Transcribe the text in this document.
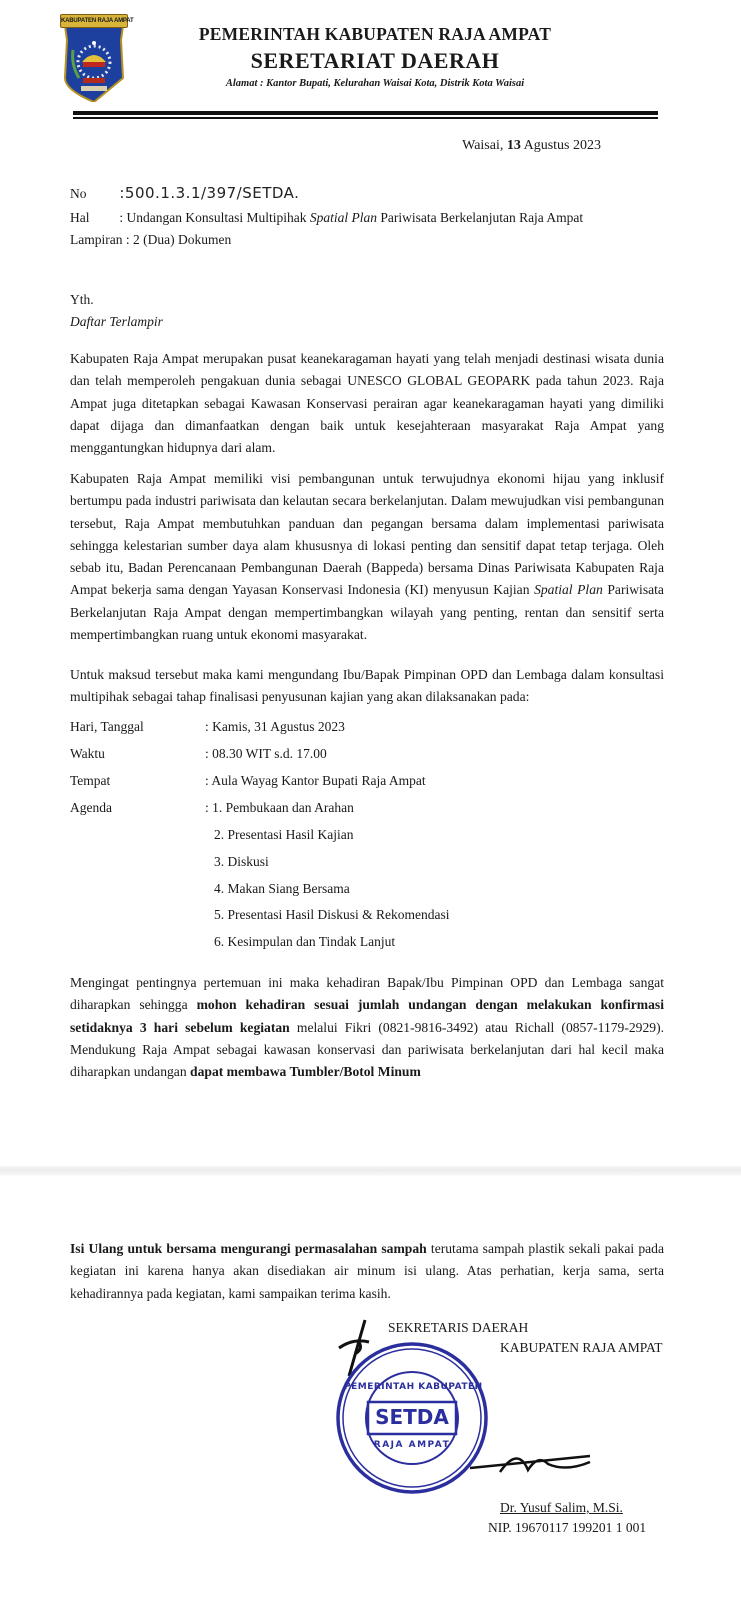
KABUPATEN RAJA AMPAT
PEMERINTAH KABUPATEN RAJA AMPAT
SERETARIAT DAERAH
Alamat : Kantor Bupati, Kelurahan Waisai Kota, Distrik Kota Waisai
Waisai, 13 Agustus 2023
No :500.1.3.1/397/SETDA.
Hal : Undangan Konsultasi Multipihak Spatial Plan Pariwisata Berkelanjutan Raja Ampat
Lampiran : 2 (Dua) Dokumen
Yth.
Daftar Terlampir
Kabupaten Raja Ampat merupakan pusat keanekaragaman hayati yang telah menjadi destinasi wisata dunia dan telah memperoleh pengakuan dunia sebagai UNESCO GLOBAL GEOPARK pada tahun 2023. Raja Ampat juga ditetapkan sebagai Kawasan Konservasi perairan agar keanekaragaman hayati yang dimiliki dapat dijaga dan dimanfaatkan dengan baik untuk kesejahteraan masyarakat Raja Ampat yang menggantungkan hidupnya dari alam.
Kabupaten Raja Ampat memiliki visi pembangunan untuk terwujudnya ekonomi hijau yang inklusif bertumpu pada industri pariwisata dan kelautan secara berkelanjutan. Dalam mewujudkan visi pembangunan tersebut, Raja Ampat membutuhkan panduan dan pegangan bersama dalam implementasi pariwisata sehingga kelestarian sumber daya alam khususnya di lokasi penting dan sensitif dapat tetap terjaga. Oleh sebab itu, Badan Perencanaan Pembangunan Daerah (Bappeda) bersama Dinas Pariwisata Kabupaten Raja Ampat bekerja sama dengan Yayasan Konservasi Indonesia (KI) menyusun Kajian Spatial Plan Pariwisata Berkelanjutan Raja Ampat dengan mempertimbangkan wilayah yang penting, rentan dan sensitif serta mempertimbangkan ruang untuk ekonomi masyarakat.
Untuk maksud tersebut maka kami mengundang Ibu/Bapak Pimpinan OPD dan Lembaga dalam konsultasi multipihak sebagai tahap finalisasi penyusunan kajian yang akan dilaksanakan pada:
Hari, Tanggal	: Kamis, 31 Agustus 2023
Waktu	: 08.30 WIT s.d. 17.00
Tempat	: Aula Wayag Kantor Bupati Raja Ampat
Agenda	: 1. Pembukaan dan Arahan
2. Presentasi Hasil Kajian
3. Diskusi
4. Makan Siang Bersama
5. Presentasi Hasil Diskusi & Rekomendasi
6. Kesimpulan dan Tindak Lanjut
Mengingat pentingnya pertemuan ini maka kehadiran Bapak/Ibu Pimpinan OPD dan Lembaga sangat diharapkan sehingga mohon kehadiran sesuai jumlah undangan dengan melakukan konfirmasi setidaknya 3 hari sebelum kegiatan melalui Fikri (0821-9816-3492) atau Richall (0857-1179-2929). Mendukung Raja Ampat sebagai kawasan konservasi dan pariwisata berkelanjutan dari hal kecil maka diharapkan undangan dapat membawa Tumbler/Botol Minum
Isi Ulang untuk bersama mengurangi permasalahan sampah terutama sampah plastik sekali pakai pada kegiatan ini karena hanya akan disediakan air minum isi ulang. Atas perhatian, kerja sama, serta kehadirannya pada kegiatan, kami sampaikan terima kasih.
PEMERINTAH KABUPATEN
SETDA
RAJA AMPAT
SEKRETARIS DAERAH
KABUPATEN RAJA AMPAT
Dr. Yusuf Salim, M.Si.
NIP. 19670117 199201 1 001
